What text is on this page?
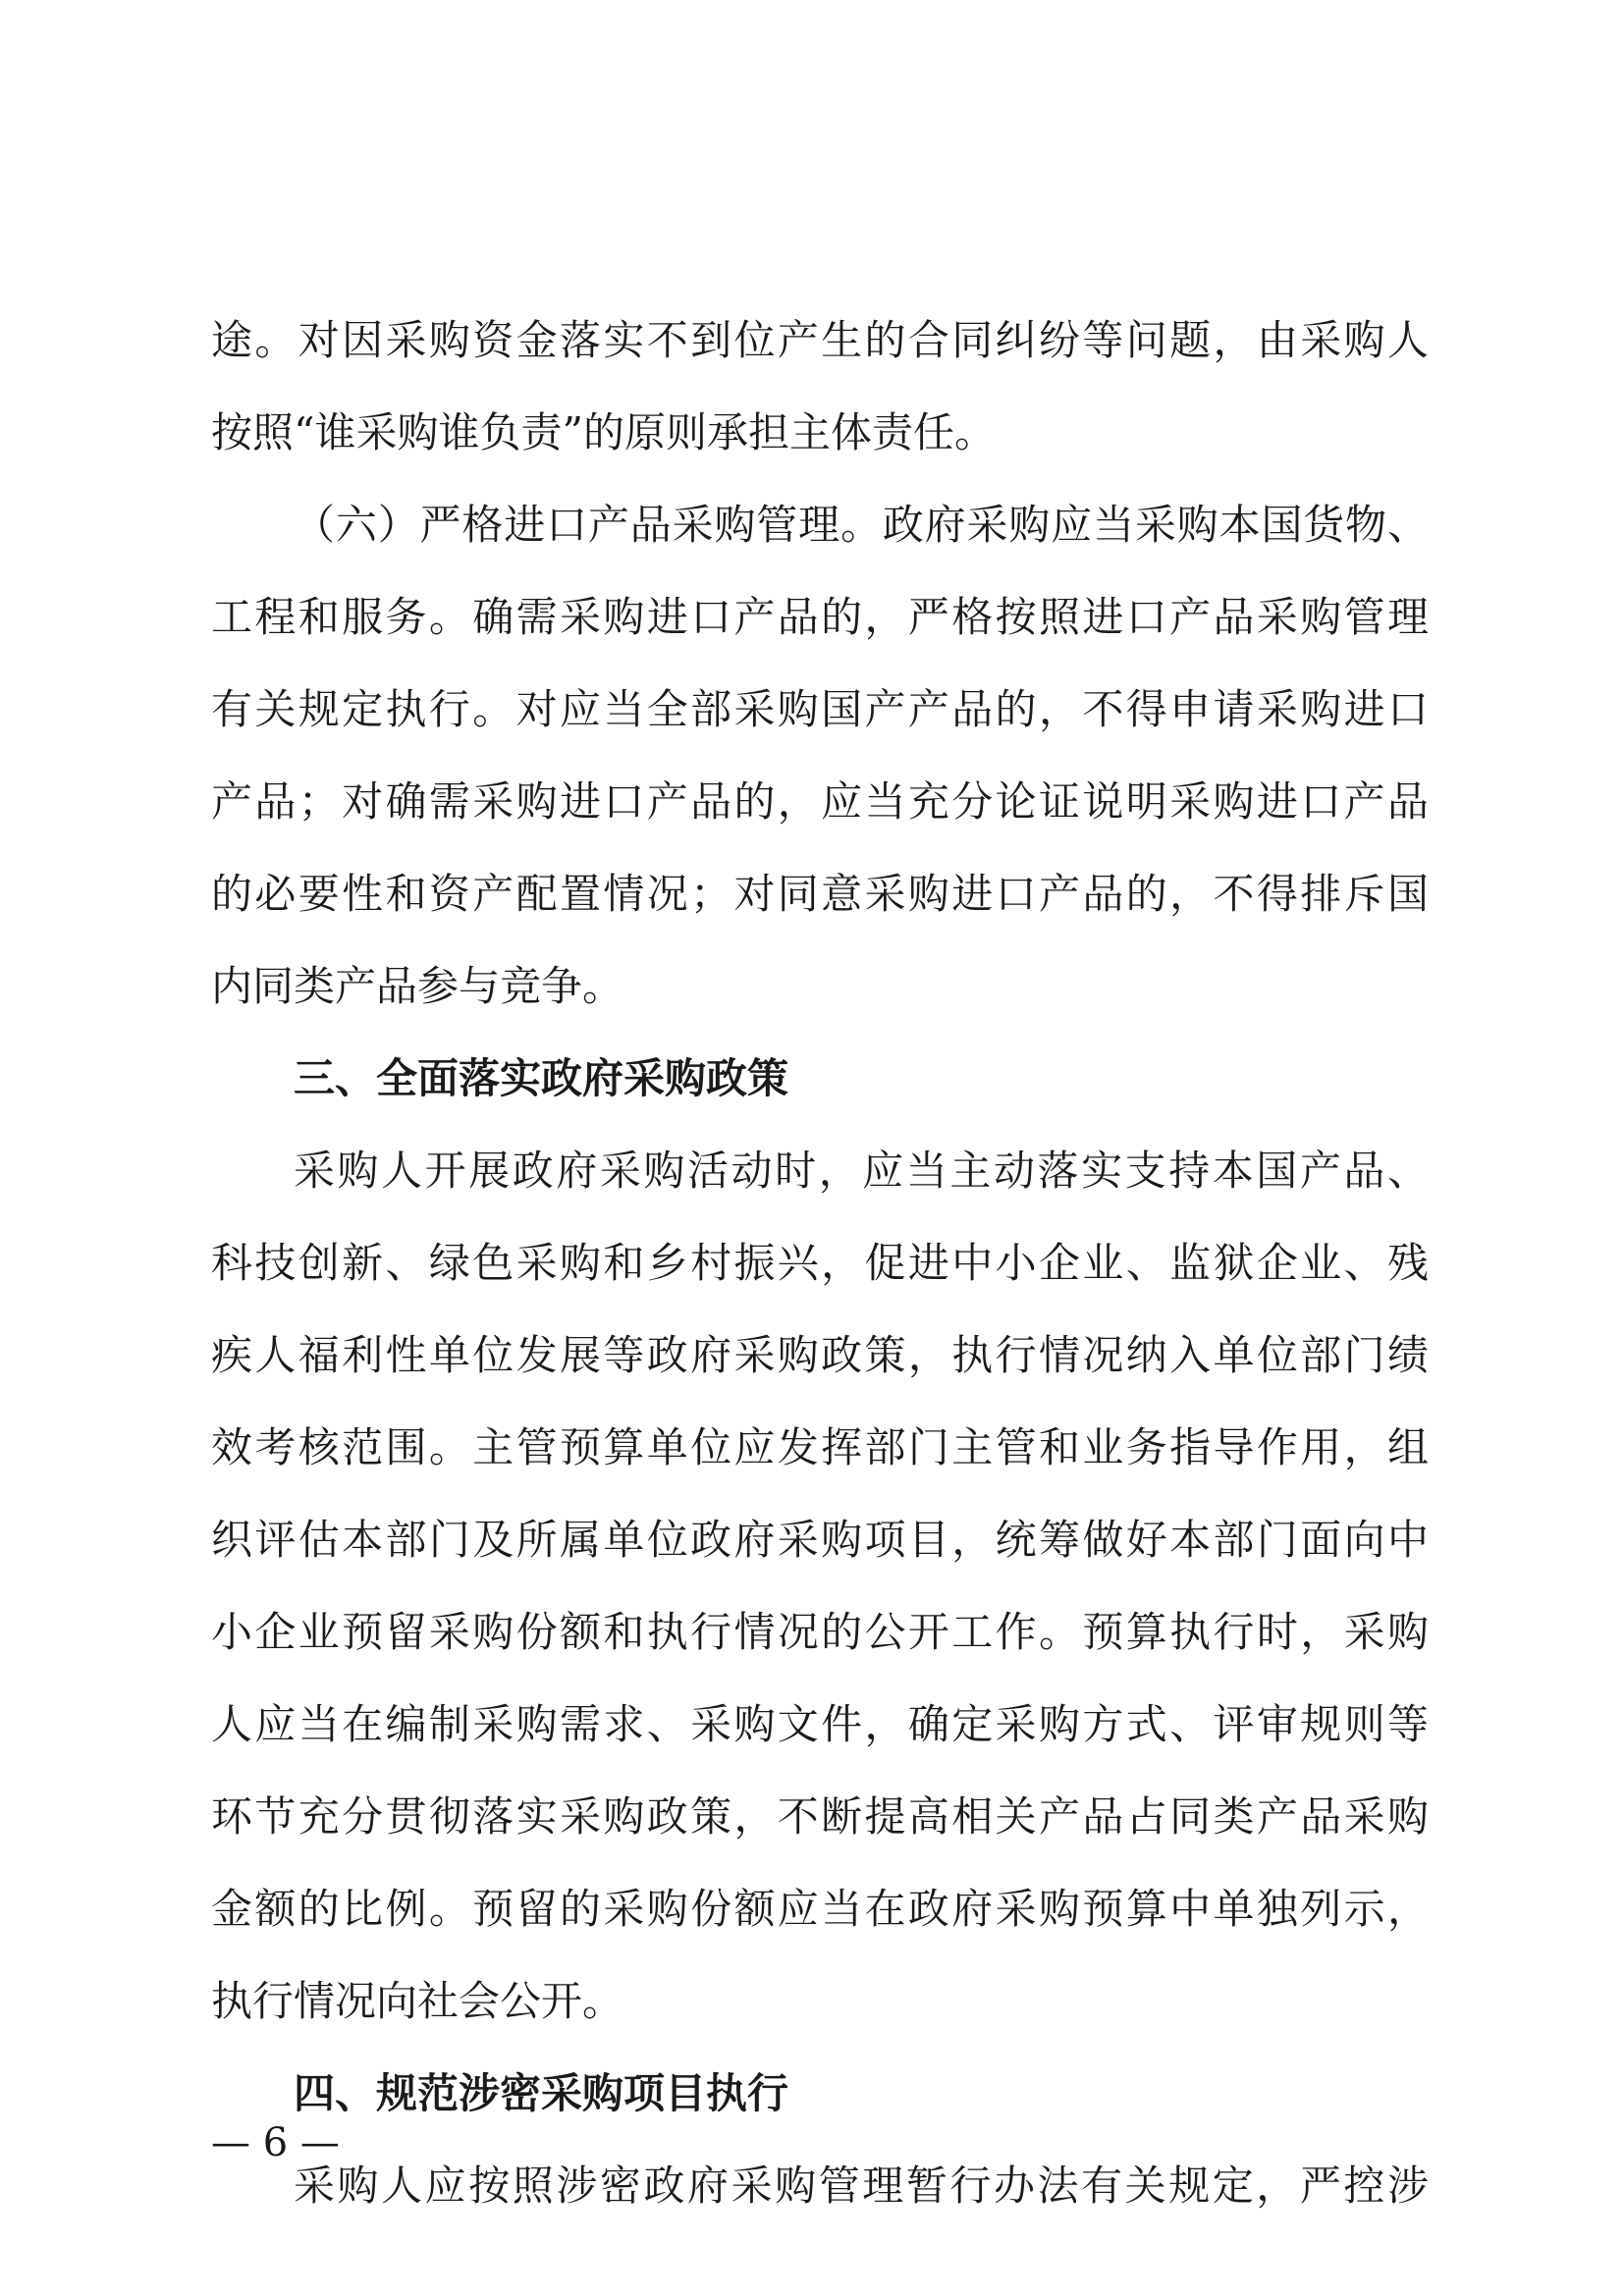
途。对因采购资金落实不到位产生的合同纠纷等问题，由采购人
按照“谁采购谁负责”的原则承担主体责任。
（六）严格进口产品采购管理。政府采购应当采购本国货物、
工程和服务。确需采购进口产品的，严格按照进口产品采购管理
有关规定执行。对应当全部采购国产产品的，不得申请采购进口
产品；对确需采购进口产品的，应当充分论证说明采购进口产品
的必要性和资产配置情况；对同意采购进口产品的，不得排斥国
内同类产品参与竞争。
三、全面落实政府采购政策
采购人开展政府采购活动时，应当主动落实支持本国产品、
科技创新、绿色采购和乡村振兴，促进中小企业、监狱企业、残
疾人福利性单位发展等政府采购政策，执行情况纳入单位部门绩
效考核范围。主管预算单位应发挥部门主管和业务指导作用，组
织评估本部门及所属单位政府采购项目，统筹做好本部门面向中
小企业预留采购份额和执行情况的公开工作。预算执行时，采购
人应当在编制采购需求、采购文件，确定采购方式、评审规则等
环节充分贯彻落实采购政策，不断提高相关产品占同类产品采购
金额的比例。预留的采购份额应当在政府采购预算中单独列示，
执行情况向社会公开。
四、规范涉密采购项目执行
采购人应按照涉密政府采购管理暂行办法有关规定，严控涉
— 6 —
